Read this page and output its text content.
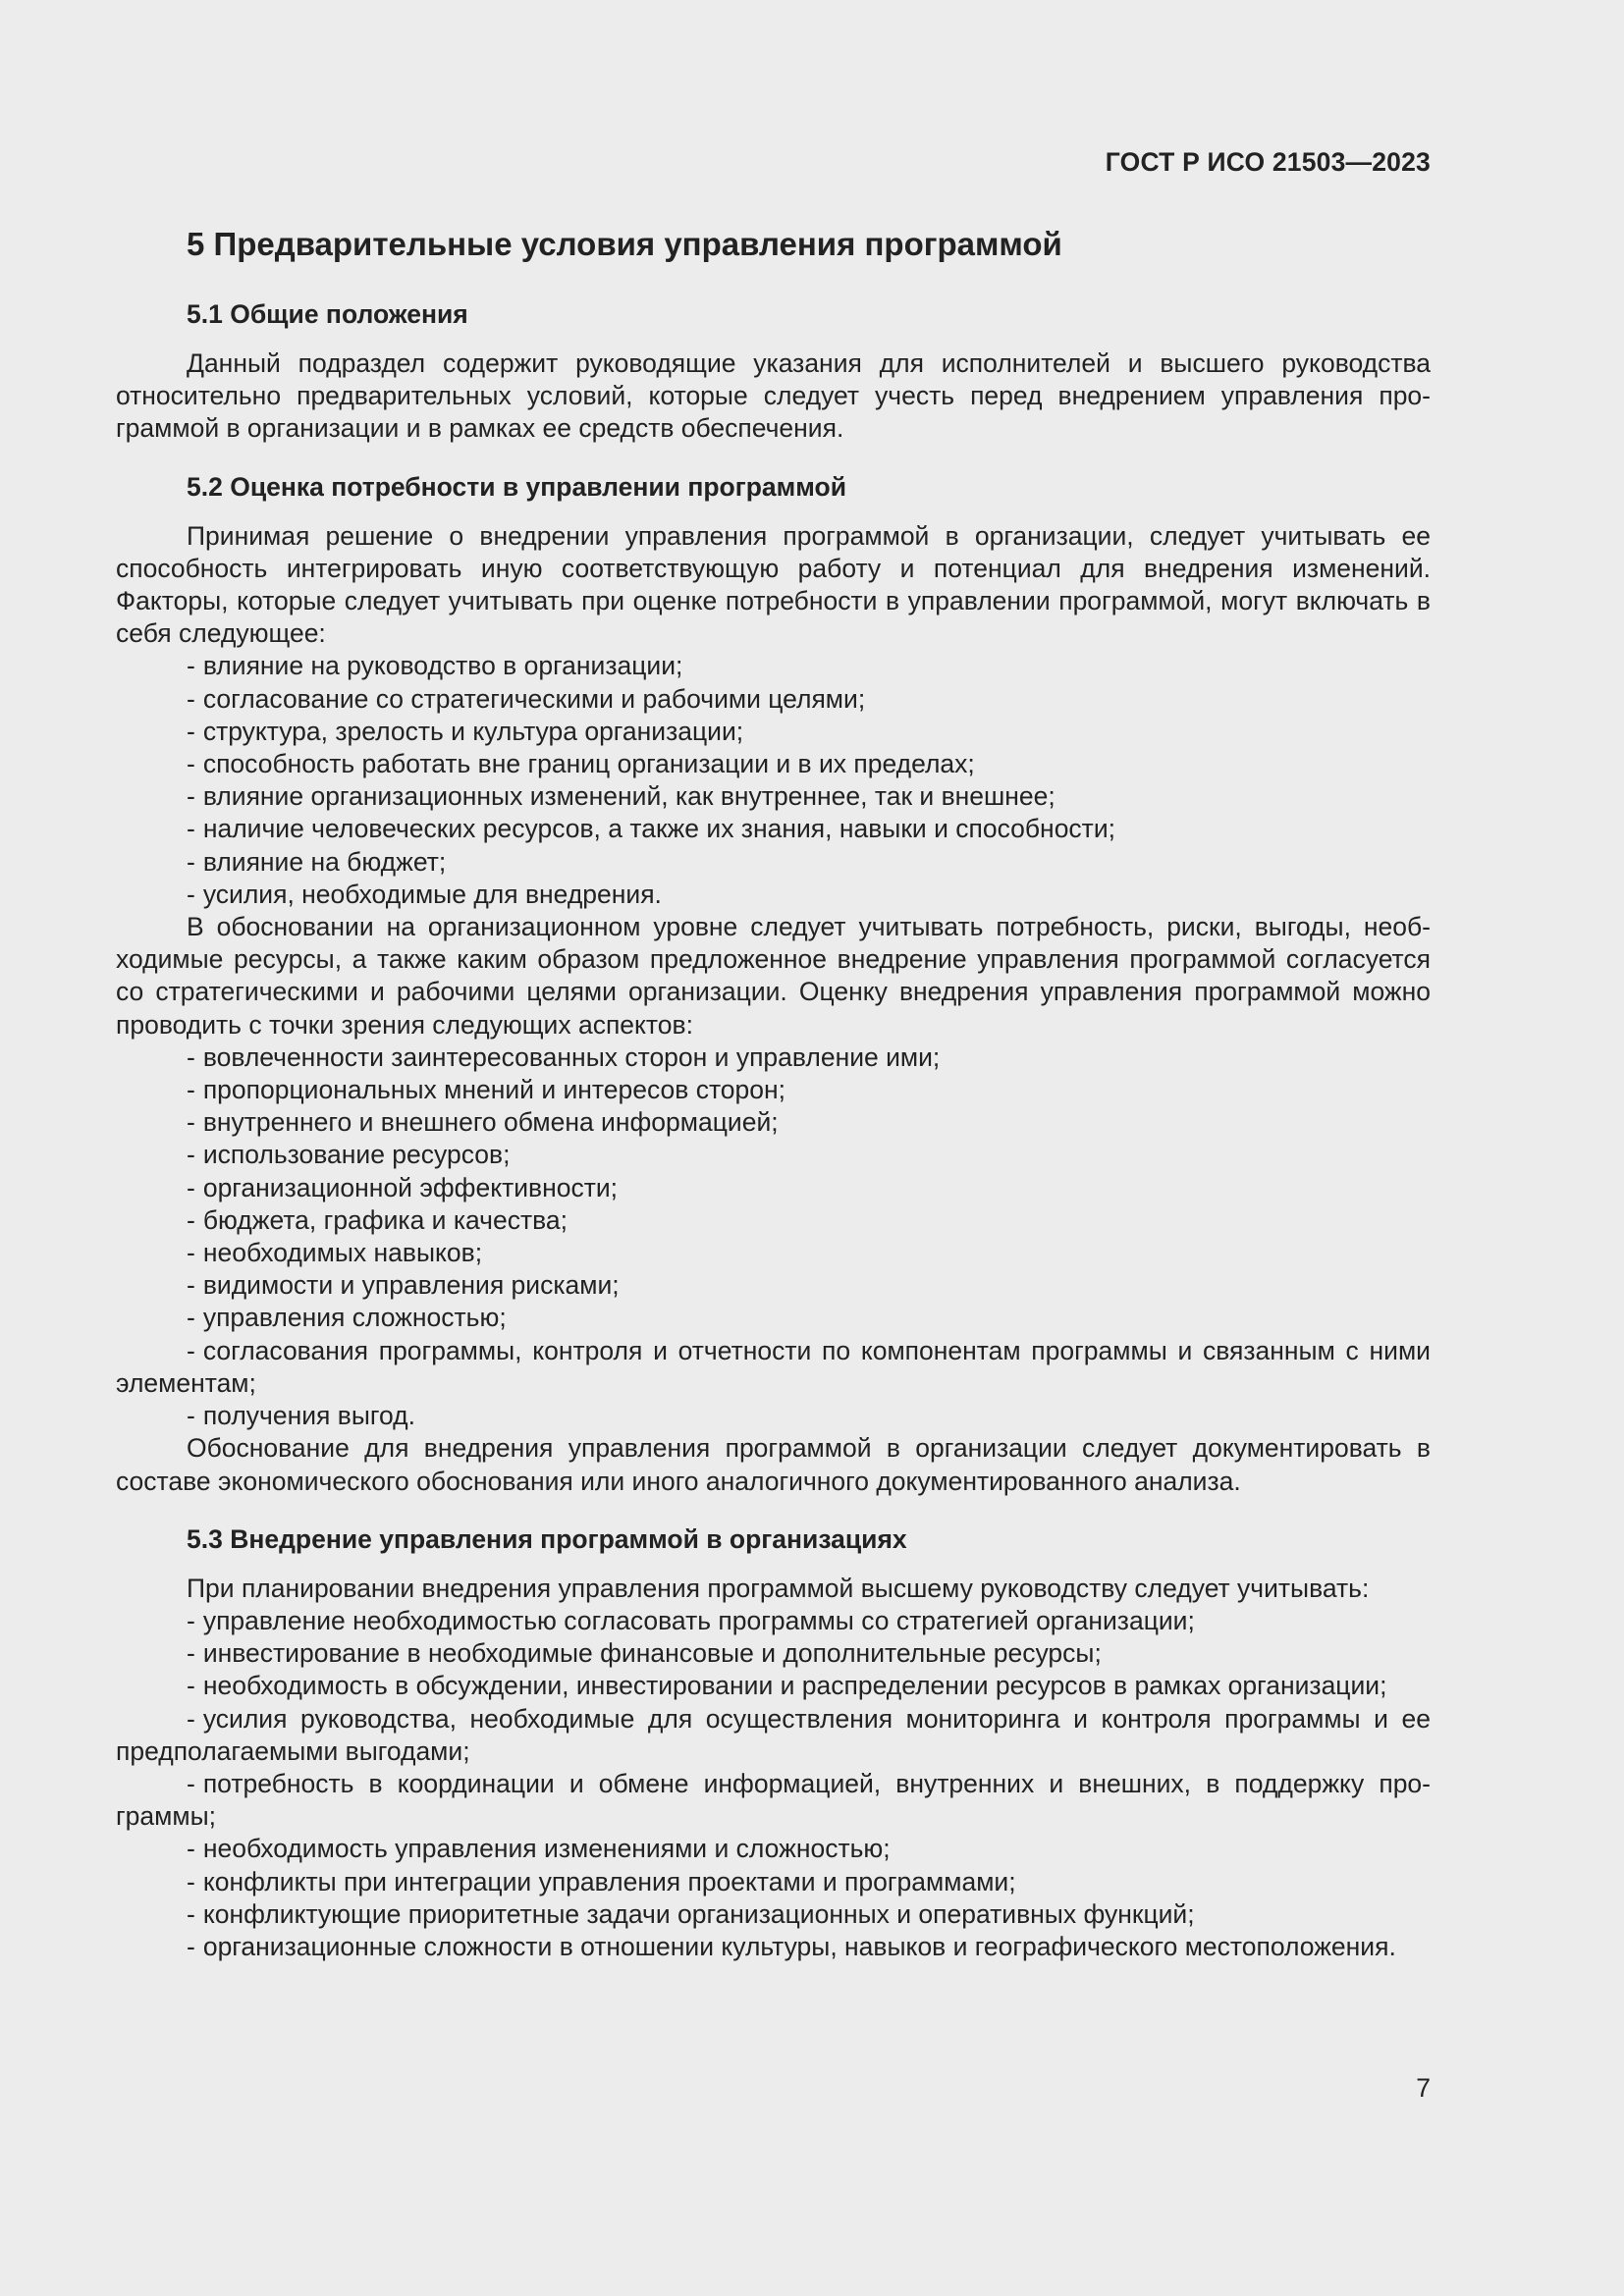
ГОСТ Р ИСО 21503—2023
5 Предварительные условия управления программой
5.1 Общие положения

Данный подраздел содержит руководящие указания для исполнителей и высшего руководства относительно предварительных условий, которые следует учесть перед внедрением управления программой в организации и в рамках ее средств обеспечения.

5.2 Оценка потребности в управлении программой

Принимая решение о внедрении управления программой в организации, следует учитывать ее способность интегрировать иную соответствующую работу и потенциал для внедрения изменений. Факторы, которые следует учитывать при оценке потребности в управлении программой, могут включать в себя следующее:

- влияние на руководство в организации;

- согласование со стратегическими и рабочими целями;

- структура, зрелость и культура организации;

- способность работать вне границ организации и в их пределах;

- влияние организационных изменений, как внутреннее, так и внешнее;

- наличие человеческих ресурсов, а также их знания, навыки и способности;

- влияние на бюджет;

- усилия, необходимые для внедрения.

В обосновании на организационном уровне следует учитывать потребность, риски, выгоды, необходимые ресурсы, а также каким образом предложенное внедрение управления программой согласуется со стратегическими и рабочими целями организации. Оценку внедрения управления программой можно проводить с точки зрения следующих аспектов:

- вовлеченности заинтересованных сторон и управление ими;

- пропорциональных мнений и интересов сторон;

- внутреннего и внешнего обмена информацией;

- использование ресурсов;

- организационной эффективности;

- бюджета, графика и качества;

- необходимых навыков;

- видимости и управления рисками;

- управления сложностью;

- согласования программы, контроля и отчетности по компонентам программы и связанным с ними элементам;

- получения выгод.

Обоснование для внедрения управления программой в организации следует документировать в составе экономического обоснования или иного аналогичного документированного анализа.

5.3 Внедрение управления программой в организациях

При планировании внедрения управления программой высшему руководству следует учитывать:

- управление необходимостью согласовать программы со стратегией организации;

- инвестирование в необходимые финансовые и дополнительные ресурсы;

- необходимость в обсуждении, инвестировании и распределении ресурсов в рамках организации;

- усилия руководства, необходимые для осуществления мониторинга и контроля программы и ее предполагаемыми выгодами;

- потребность в координации и обмене информацией, внутренних и внешних, в поддержку программы;

- необходимость управления изменениями и сложностью;

- конфликты при интеграции управления проектами и программами;

- конфликтующие приоритетные задачи организационных и оперативных функций;

- организационные сложности в отношении культуры, навыков и географического местоположения.

7
